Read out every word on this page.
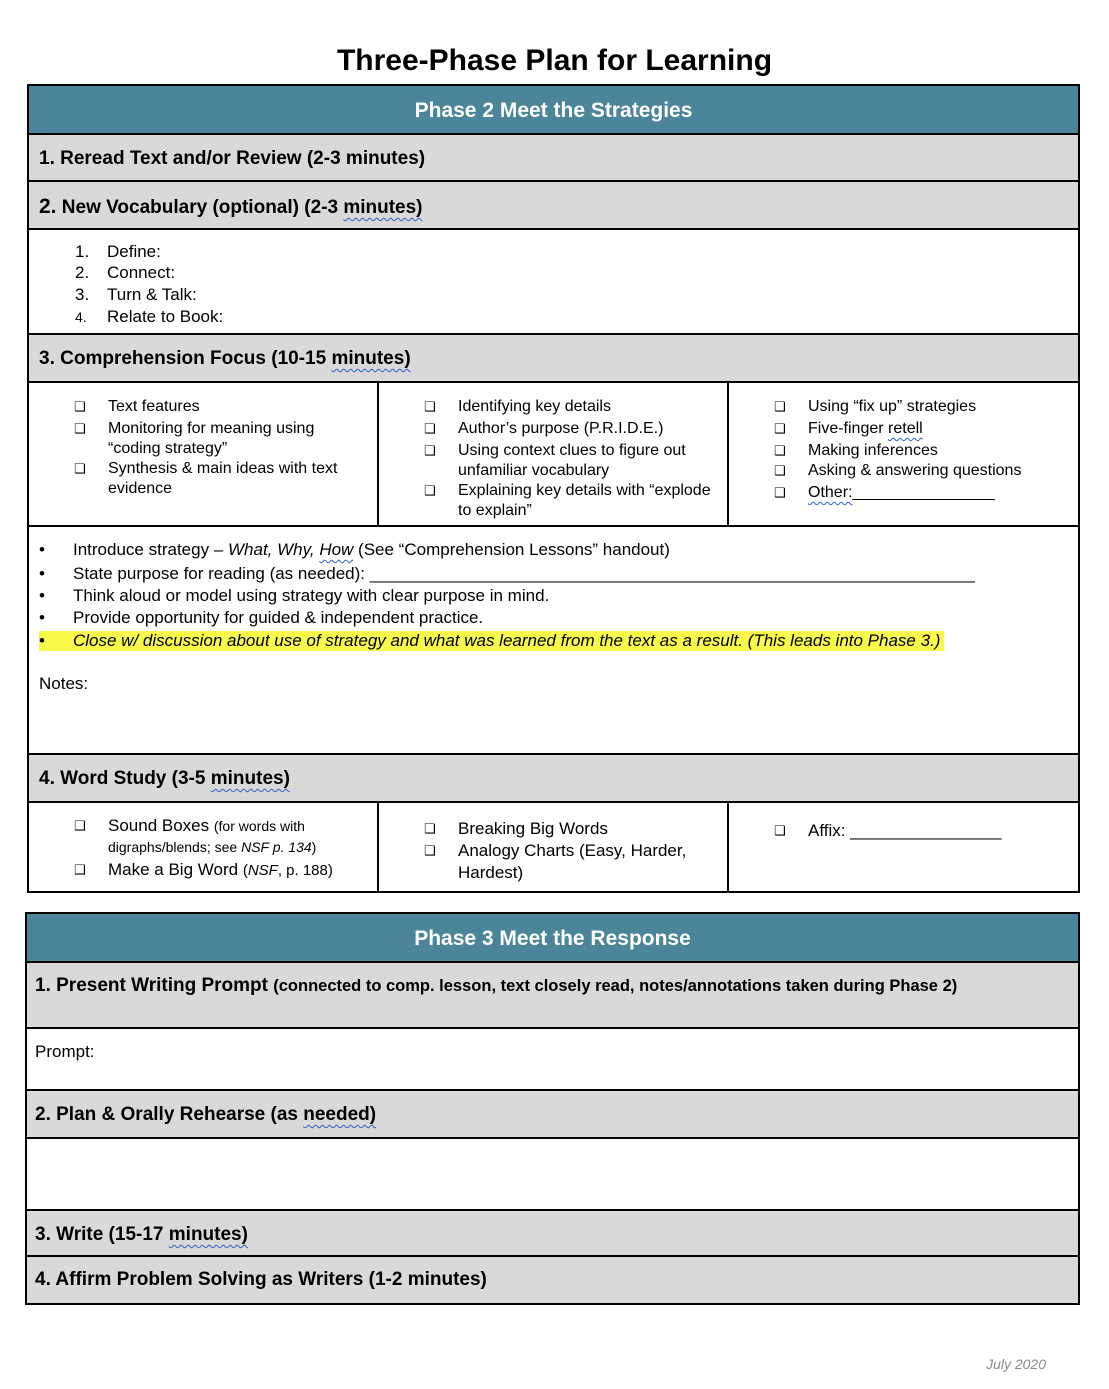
Three-Phase Plan for Learning
Phase 2 Meet the Strategies
1. Reread Text and/or Review (2-3 minutes)
2. New Vocabulary (optional) (2-3 minutes)
1. Define:
2. Connect:
3. Turn & Talk:
4. Relate to Book:
3. Comprehension Focus (10-15 minutes)
❑ Text features
❑ Monitoring for meaning using
“coding strategy”
❑ Synthesis & main ideas with text
evidence
❑ Identifying key details
❑ Author’s purpose (P.R.I.D.E.)
❑ Using context clues to figure out
unfamiliar vocabulary
❑ Explaining key details with “explode
to explain”
❑ Using “fix up” strategies
❑ Five-finger retell
❑ Making inferences
❑ Asking & answering questions
❑ Other:________________
• Introduce strategy – What, Why, How (See “Comprehension Lessons” handout)
• State purpose for reading (as needed): ________________________________________________________________
• Think aloud or model using strategy with clear purpose in mind.
• Provide opportunity for guided & independent practice.
• Close w/ discussion about use of strategy and what was learned from the text as a result. (This leads into Phase 3.)
Notes:
4. Word Study (3-5 minutes)
❑ Sound Boxes (for words with
digraphs/blends; see NSF p. 134)
❑ Make a Big Word (NSF, p. 188)
❑ Breaking Big Words
❑ Analogy Charts (Easy, Harder,
Hardest)
❑ Affix: ________________
Phase 3 Meet the Response
1. Present Writing Prompt (connected to comp. lesson, text closely read, notes/annotations taken during Phase 2)
Prompt:
2. Plan & Orally Rehearse (as needed)
3. Write (15-17 minutes)
4. Affirm Problem Solving as Writers (1-2 minutes)
July 2020
